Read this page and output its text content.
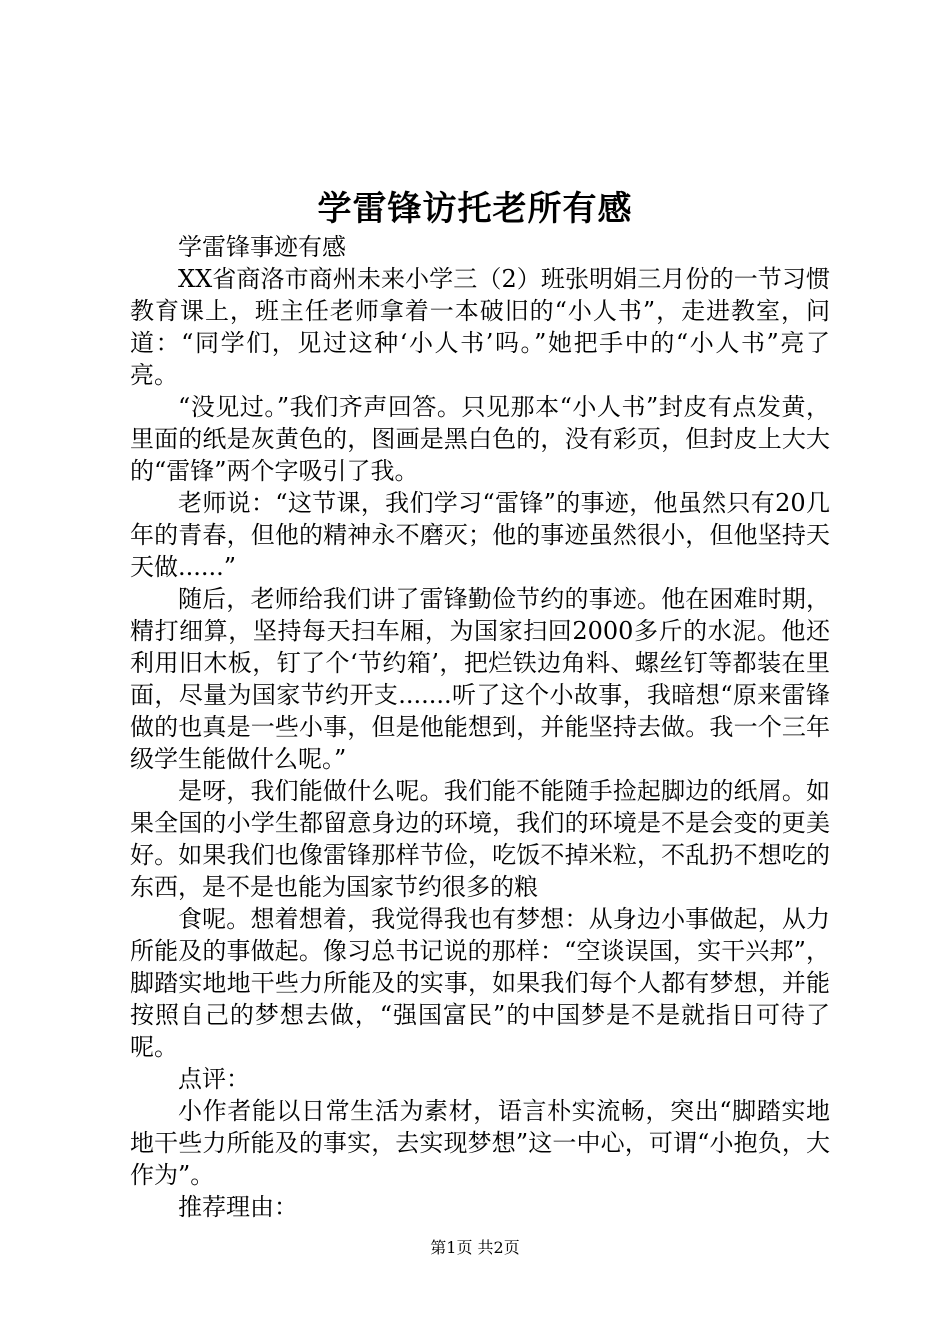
学雷锋访托老所有感

学雷锋事迹有感

XX省商洛市商州未来小学三（2）班张明娟三月份的一节习惯教育课上，班主任老师拿着一本破旧的“小人书”，走进教室，问道：“同学们，见过这种‘小人书’吗。”她把手中的“小人书”亮了亮。

“没见过。”我们齐声回答。只见那本“小人书”封皮有点发黄，里面的纸是灰黄色的，图画是黑白色的，没有彩页，但封皮上大大的“雷锋”两个字吸引了我。

老师说：“这节课，我们学习“雷锋”的事迹，他虽然只有20几年的青春，但他的精神永不磨灭；他的事迹虽然很小，但他坚持天天做......”

随后，老师给我们讲了雷锋勤俭节约的事迹。他在困难时期，精打细算，坚持每天扫车厢，为国家扫回2000多斤的水泥。他还利用旧木板，钉了个‘节约箱’，把烂铁边角料、螺丝钉等都装在里面，尽量为国家节约开支.......听了这个小故事，我暗想“原来雷锋做的也真是一些小事，但是他能想到，并能坚持去做。我一个三年级学生能做什么呢。”

是呀，我们能做什么呢。我们能不能随手捡起脚边的纸屑。如果全国的小学生都留意身边的环境，我们的环境是不是会变的更美好。如果我们也像雷锋那样节俭，吃饭不掉米粒，不乱扔不想吃的东西，是不是也能为国家节约很多的粮

食呢。想着想着，我觉得我也有梦想：从身边小事做起，从力所能及的事做起。像习总书记说的那样：“空谈误国，实干兴邦”，脚踏实地地干些力所能及的实事，如果我们每个人都有梦想，并能按照自己的梦想去做，“强国富民”的中国梦是不是就指日可待了呢。

点评：

小作者能以日常生活为素材，语言朴实流畅，突出“脚踏实地地干些力所能及的事实，去实现梦想”这一中心，可谓“小抱负，大作为”。

推荐理由：

第1页 共2页
